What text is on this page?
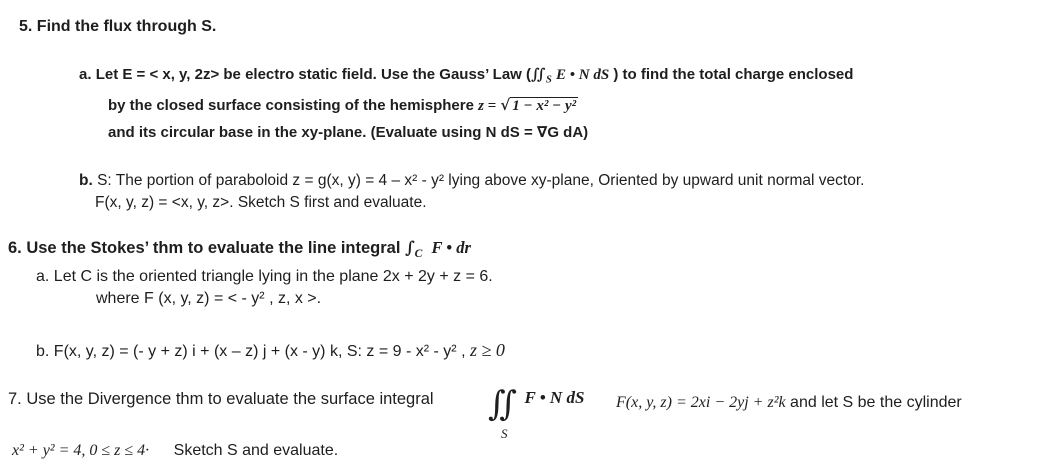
5. Find the flux through S.
a. Let E = < x, y, 2z> be electro static field. Use the Gauss’ Law ($∬_S$ E • N dS ) to find the total charge enclosed
by the closed surface consisting of the hemisphere z = √ 1 − x² − y²
and its circular base in the xy-plane. (Evaluate using N dS = ∇G dA)
b. S: The portion of paraboloid z = g(x, y) = 4 – x² - y² lying above xy-plane, Oriented by upward unit normal vector.
F(x, y, z) = <x, y, z>. Sketch S first and evaluate.
6. Use the Stokes’ thm to evaluate the line integral $\int_C$ F • dr
a. Let C is the oriented triangle lying in the plane 2x + 2y + z = 6.
where F (x, y, z) = < - y² , z, x >.
b. F(x, y, z) = (- y + z) i + (x – z) j + (x - y) k, S: z = 9 - x² - y² , z ≥ 0
7. Use the Divergence thm to evaluate the surface integral ∬
S
F • N dS F(x, y, z) = 2xi − 2yj + z²k and let S be the cylinder
x² + y² = 4, 0 ≤ z ≤ 4· Sketch S and evaluate.
